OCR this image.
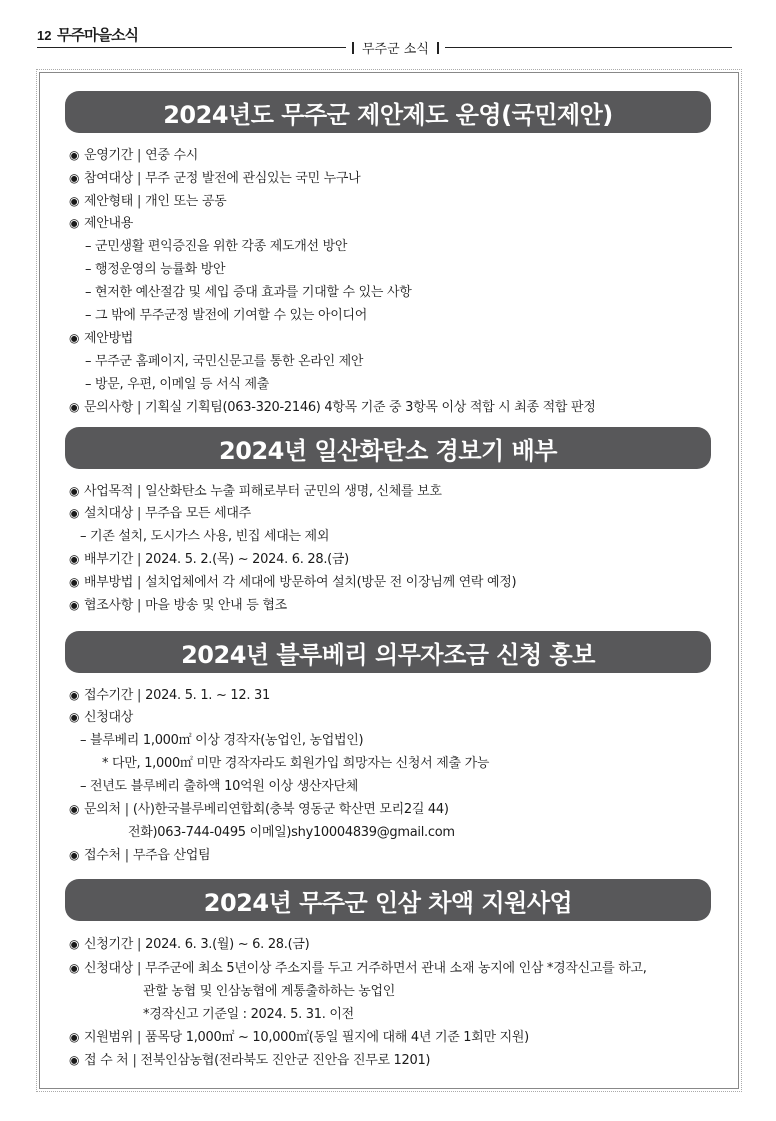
12 무주마을소식
무주군 소식
2024년도 무주군 제안제도 운영(국민제안)
◉ 운영기간 | 연중 수시
◉ 참여대상 | 무주 군정 발전에 관심있는 국민 누구나
◉ 제안형태 | 개인 또는 공동
◉ 제안내용
– 군민생활 편익증진을 위한 각종 제도개선 방안
– 행정운영의 능률화 방안
– 현저한 예산절감 및 세입 증대 효과를 기대할 수 있는 사항
– 그 밖에 무주군정 발전에 기여할 수 있는 아이디어
◉ 제안방법
– 무주군 홈페이지, 국민신문고를 통한 온라인 제안
– 방문, 우편, 이메일 등 서식 제출
◉ 문의사항 | 기획실 기획팀(063-320-2146) 4항목 기준 중 3항목 이상 적합 시 최종 적합 판정
2024년 일산화탄소 경보기 배부
◉ 사업목적 | 일산화탄소 누출 피해로부터 군민의 생명, 신체를 보호
◉ 설치대상 | 무주읍 모든 세대주
– 기존 설치, 도시가스 사용, 빈집 세대는 제외
◉ 배부기간 | 2024. 5. 2.(목) ~ 2024. 6. 28.(금)
◉ 배부방법 | 설치업체에서 각 세대에 방문하여 설치(방문 전 이장님께 연락 예정)
◉ 협조사항 | 마을 방송 및 안내 등 협조
2024년 블루베리 의무자조금 신청 홍보
◉ 접수기간 | 2024. 5. 1. ~ 12. 31
◉ 신청대상
– 블루베리 1,000㎡ 이상 경작자(농업인, 농업법인)
* 다만, 1,000㎡ 미만 경작자라도 회원가입 희망자는 신청서 제출 가능
– 전년도 블루베리 출하액 10억원 이상 생산자단체
◉ 문의처 | (사)한국블루베리연합회(충북 영동군 학산면 모리2길 44)
전화)063-744-0495 이메일)shy10004839@gmail.com
◉ 접수처 | 무주읍 산업팀
2024년 무주군 인삼 차액 지원사업
◉ 신청기간 | 2024. 6. 3.(월) ~ 6. 28.(금)
◉ 신청대상 | 무주군에 최소 5년이상 주소지를 두고 거주하면서 관내 소재 농지에 인삼 *경작신고를 하고,
관할 농협 및 인삼농협에 계통출하하는 농업인
*경작신고 기준일 : 2024. 5. 31. 이전
◉ 지원범위 | 품목당 1,000㎡ ~ 10,000㎡(동일 필지에 대해 4년 기준 1회만 지원)
◉ 접 수 처 | 전북인삼농협(전라북도 진안군 진안읍 진무로 1201)
